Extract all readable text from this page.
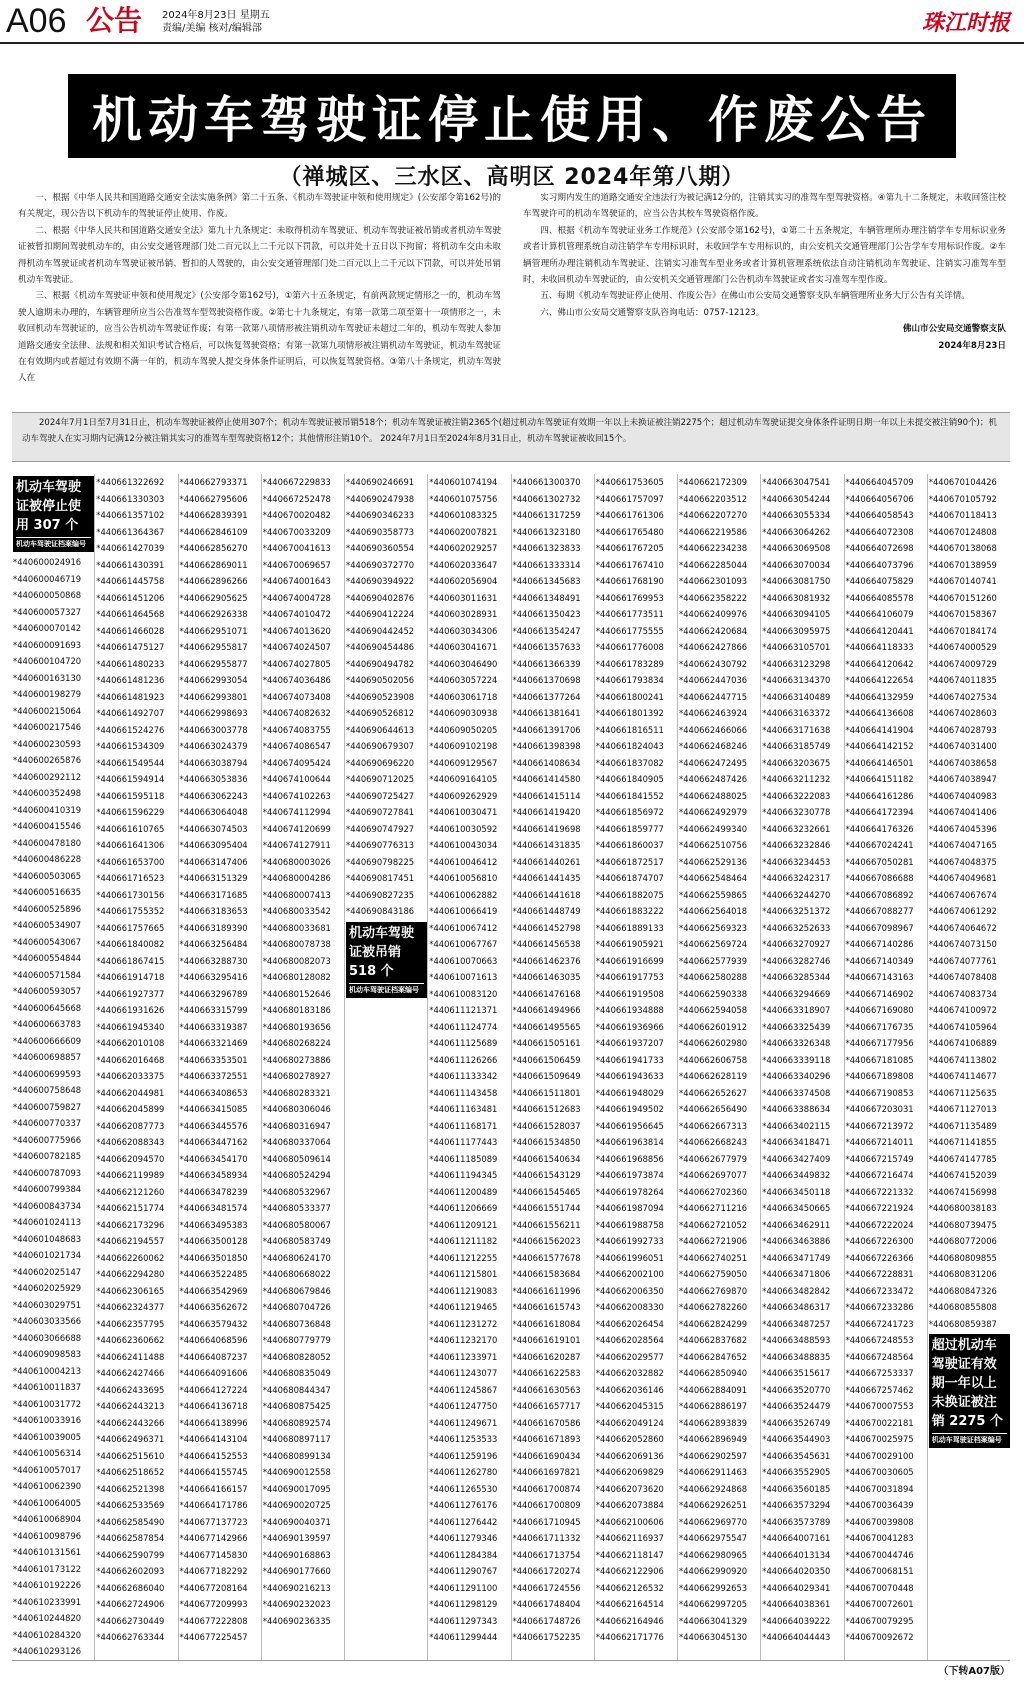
A06 公告 2024年8月23日 星期五
责编/美编 核对/编辑部	珠江时报
机动车驾驶证停止使用、作废公告
（禅城区、三水区、高明区 2024年第八期）

一、根据《中华人民共和国道路交通安全法实施条例》第二十五条、《机动车驾驶证申领和使用规定》(公安部令第162号)的有关规定，现公告以下机动车的驾驶证停止使用、作废。

二、根据《中华人民共和国道路交通安全法》第九十九条规定：未取得机动车驾驶证、机动车驾驶证被吊销或者机动车驾驶证被暂扣期间驾驶机动车的，由公安交通管理部门处二百元以上二千元以下罚款，可以并处十五日以下拘留；将机动车交由未取得机动车驾驶证或者机动车驾驶证被吊销、暂扣的人驾驶的，由公安交通管理部门处二百元以上二千元以下罚款，可以并处吊销机动车驾驶证。

三、根据《机动车驾驶证申领和使用规定》(公安部令第162号)，①第六十五条规定，有前两款规定情形之一的，机动车驾驶人逾期未办理的，车辆管理所应当公告准驾车型驾驶资格作废。②第七十九条规定，有第一款第二项至第十一项情形之一，未收回机动车驾驶证的，应当公告机动车驾驶证作废；有第一款第八项情形被注销机动车驾驶证未超过二年的，机动车驾驶人参加道路交通安全法律、法规和相关知识考试合格后，可以恢复驾驶资格；有第一款第九项情形被注销机动车驾驶证，机动车驾驶证在有效期内或者超过有效期不满一年的，机动车驾驶人提交身体条件证明后，可以恢复驾驶资格。③第八十条规定，机动车驾驶人在

实习期内发生的道路交通安全违法行为被记满12分的，注销其实习的准驾车型驾驶资格。④第九十二条规定，未收回签注校车驾驶许可的机动车驾驶证的，应当公告其校车驾驶资格作废。

四、根据《机动车驾驶证业务工作规范》(公安部令第162号)，①第二十五条规定，车辆管理所办理注销学车专用标识业务或者计算机管理系统自动注销学车专用标识时，未收回学车专用标识的，由公安机关交通管理部门公告学车专用标识作废。②车辆管理所办理注销机动车驾驶证、注销实习准驾车型业务或者计算机管理系统依法自动注销机动车驾驶证、注销实习准驾车型时，未收回机动车驾驶证的，由公安机关交通管理部门公告机动车驾驶证或者实习准驾车型作废。

五、每期《机动车驾驶证停止使用、作废公告》在佛山市公安局交通警察支队车辆管理所业务大厅公告有关详情。

六、佛山市公安局交通警察支队咨询电话：0757-12123。

佛山市公安局交通警察支队
2024年8月23日
2024年7月1日至7月31日止，机动车驾驶证被停止使用307个；机动车驾驶证被吊销518个；机动车驾驶证被注销2365个(超过机动车驾驶证有效期一年以上未换证被注销2275个；超过机动车驾驶证提交身体条件证明日期一年以上未提交被注销90个)；机动车驾驶人在实习期内记满12分被注销其实习的准驾车型驾驶资格12个；其他情形注销10个。 2024年7月1日至2024年8月31日止，机动车驾驶证被收回15个。
机动车驾驶证被停止使用 307 个
机动车驾驶证档案编号
*440600024916
*440600046719
*440600050868
*440600057327
*440600070142
*440600091693
*440600104720
*440600163130
*440600198279
*440600215064
*440600217546
*440600230593
*440600265876
*440600292112
*440600352498
*440600410319
*440600415546
*440600478180
*440600486228
*440600503065
*440600516635
*440600525896
*440600534907
*440600543067
*440600554844
*440600571584
*440600593057
*440600645668
*440600663783
*440600666609
*440600698857
*440600699593
*440600758648
*440600759827
*440600770337
*440600775966
*440600782185
*440600787093
*440600799384
*440600843734
*440601024113
*440601048683
*440601021734
*440602025147
*440602025929
*440603029751
*440603033566
*440603066688
*440609098583
*440610004213
*440610011837
*440610031772
*440610033916
*440610039005
*440610056314
*440610057017
*440610062390
*440610064005
*440610068904
*440610098796
*440610131561
*440610173122
*440610192226
*440610233991
*440610244820
*440610284320
*440610293126
*440661322692
*440661330303
*440661357102
*440661364367
*440661427039
*440661430391
*440661445758
*440661451206
*440661464568
*440661466028
*440661475127
*440661480233
*440661481236
*440661481923
*440661492707
*440661524276
*440661534309
*440661549544
*440661594914
*440661595118
*440661596229
*440661610765
*440661641306
*440661653700
*440661716523
*440661730156
*440661755352
*440661757665
*440661840082
*440661867415
*440661914718
*440661927377
*440661931626
*440661945340
*440662010108
*440662016468
*440662033375
*440662044981
*440662045899
*440662087773
*440662088343
*440662094570
*440662119989
*440662121260
*440662151774
*440662173296
*440662194557
*440662260062
*440662294280
*440662306165
*440662324377
*440662357795
*440662360662
*440662411488
*440662427466
*440662433695
*440662443213
*440662443266
*440662496371
*440662515610
*440662518652
*440662521398
*440662533569
*440662585490
*440662587854
*440662590799
*440662602093
*440662686040
*440662724906
*440662730449
*440662763344
*440662793371
*440662795606
*440662839391
*440662846109
*440662856270
*440662869011
*440662896266
*440662905625
*440662926338
*440662951071
*440662955817
*440662955877
*440662993054
*440662993801
*440662998693
*440663003778
*440663024379
*440663038794
*440663053836
*440663062243
*440663064048
*440663074503
*440663095404
*440663147406
*440663151329
*440663171685
*440663183653
*440663189390
*440663256484
*440663288730
*440663295416
*440663296789
*440663315799
*440663319387
*440663321469
*440663353501
*440663372551
*440663408653
*440663415085
*440663445576
*440663447162
*440663454170
*440663458934
*440663478239
*440663481574
*440663495383
*440663500128
*440663501850
*440663522485
*440663542969
*440663562672
*440663579432
*440664068596
*440664087237
*440664091606
*440664127224
*440664136718
*440664138996
*440664143104
*440664152553
*440664155745
*440664166157
*440664171786
*440677137723
*440677142966
*440677145830
*440677182292
*440677208164
*440677209993
*440677222808
*440677225457
*440667229833
*440667252478
*440670020482
*440670033209
*440670041613
*440670069657
*440674001643
*440674004728
*440674010472
*440674013620
*440674024507
*440674027805
*440674036486
*440674073408
*440674082632
*440674083755
*440674086547
*440674095424
*440674100644
*440674102263
*440674112994
*440674120699
*440674127911
*440680003026
*440680004286
*440680007413
*440680033542
*440680033681
*440680078738
*440680082073
*440680128082
*440680152646
*440680183186
*440680193656
*440680268224
*440680273886
*440680278927
*440680283321
*440680306046
*440680316947
*440680337064
*440680509614
*440680524294
*440680532967
*440680533377
*440680580067
*440680583749
*440680624170
*440680668022
*440680679846
*440680704726
*440680736848
*440680779779
*440680828052
*440680835049
*440680844347
*440680875425
*440680892574
*440680897117
*440680899134
*440690012558
*440690017095
*440690020725
*440690040371
*440690139597
*440690168863
*440690177660
*440690216213
*440690232023
*440690236335
*440690246691
*440690247938
*440690346233
*440690358773
*440690360554
*440690372770
*440690394922
*440690402876
*440690412224
*440690442452
*440690454486
*440690494782
*440690502056
*440690523908
*440690526812
*440690644613
*440690679307
*440690696220
*440690712025
*440690725427
*440690727841
*440690747927
*440690776313
*440690798225
*440690817451
*440690827235
*440690843186
机动车驾驶证被吊销 518 个
机动车驾驶证档案编号
*440601074194
*440601075756
*440601083325
*440602007821
*440602029257
*440602033647
*440602056904
*440603011631
*440603028931
*440603034306
*440603041671
*440603046490
*440603057224
*440603061718
*440609030938
*440609050205
*440609102198
*440609129567
*440609164105
*440609262929
*440610030471
*440610030592
*440610043034
*440610046412
*440610056810
*440610062882
*440610066419
*440610067412
*440610067767
*440610070663
*440610071613
*440610083120
*440611121371
*440611124774
*440611125689
*440611126266
*440611133342
*440611143458
*440611163481
*440611168171
*440611177443
*440611185089
*440611194345
*440611200489
*440611206669
*440611209121
*440611211182
*440611212255
*440611215801
*440611219083
*440611219465
*440611231272
*440611232170
*440611233971
*440611243077
*440611245867
*440611247750
*440611249671
*440611253533
*440611259196
*440611262780
*440611265530
*440611276176
*440611276442
*440611279346
*440611284384
*440611290767
*440611291100
*440611298129
*440611297343
*440611299444
*440661300370
*440661302732
*440661317259
*440661323180
*440661323833
*440661333314
*440661345683
*440661348491
*440661350423
*440661354247
*440661357633
*440661366339
*440661370698
*440661377264
*440661381641
*440661391706
*440661398398
*440661408634
*440661414580
*440661415114
*440661419420
*440661419698
*440661431835
*440661440261
*440661441435
*440661441618
*440661448749
*440661452798
*440661456538
*440661462376
*440661463035
*440661476168
*440661494966
*440661495565
*440661505161
*440661506459
*440661509649
*440661511801
*440661512683
*440661528037
*440661534850
*440661540634
*440661543129
*440661545465
*440661551744
*440661556211
*440661562023
*440661577678
*440661583684
*440661611996
*440661615743
*440661618084
*440661619101
*440661620287
*440661622583
*440661630563
*440661657717
*440661670586
*440661671893
*440661690434
*440661697821
*440661700874
*440661700809
*440661710945
*440661711332
*440661713754
*440661720274
*440661724556
*440661748404
*440661748726
*440661752235
*440661753605
*440661757097
*440661761306
*440661765480
*440661767205
*440661767410
*440661768190
*440661769953
*440661773511
*440661775555
*440661776008
*440661783289
*440661793834
*440661800241
*440661801392
*440661816511
*440661824043
*440661837082
*440661840905
*440661841552
*440661856972
*440661859777
*440661860037
*440661872517
*440661874707
*440661882075
*440661883222
*440661889133
*440661905921
*440661916699
*440661917753
*440661919508
*440661934888
*440661936966
*440661937207
*440661941733
*440661943633
*440661948029
*440661949502
*440661956645
*440661963814
*440661968856
*440661973874
*440661978264
*440661987094
*440661988758
*440661992733
*440661996051
*440662002100
*440662006350
*440662008330
*440662026454
*440662028564
*440662029577
*440662032882
*440662036146
*440662045315
*440662049124
*440662052860
*440662069136
*440662069829
*440662073620
*440662073884
*440662100606
*440662116937
*440662118147
*440662122906
*440662126532
*440662164514
*440662164946
*440662171776
*440662172309
*440662203512
*440662207270
*440662219586
*440662234238
*440662285044
*440662301093
*440662358222
*440662409976
*440662420684
*440662427866
*440662430792
*440662447036
*440662447715
*440662463924
*440662466066
*440662468246
*440662472495
*440662487426
*440662488025
*440662492979
*440662499340
*440662510756
*440662529136
*440662548464
*440662559865
*440662564018
*440662569323
*440662569724
*440662577939
*440662580288
*440662590338
*440662594058
*440662601912
*440662602980
*440662606758
*440662628119
*440662652627
*440662656490
*440662667313
*440662668243
*440662677979
*440662697077
*440662702360
*440662711216
*440662721052
*440662721906
*440662740251
*440662759050
*440662769870
*440662782260
*440662824299
*440662837682
*440662847652
*440662850940
*440662884091
*440662886197
*440662893839
*440662896949
*440662902597
*440662911463
*440662924868
*440662926251
*440662969770
*440662975547
*440662980965
*440662990920
*440662992653
*440662997205
*440663041329
*440663045130
*440663047541
*440663054244
*440663055334
*440663064262
*440663069508
*440663070034
*440663081750
*440663081932
*440663094105
*440663095975
*440663105701
*440663123298
*440663134370
*440663140489
*440663163372
*440663171638
*440663185749
*440663203675
*440663211232
*440663222083
*440663230778
*440663232661
*440663232846
*440663234453
*440663242317
*440663244270
*440663251372
*440663252633
*440663270927
*440663282746
*440663285344
*440663294669
*440663318907
*440663325439
*440663326348
*440663339118
*440663340296
*440663374508
*440663388634
*440663402115
*440663418471
*440663427409
*440663449832
*440663450118
*440663450665
*440663462911
*440663463886
*440663471749
*440663471806
*440663482842
*440663486317
*440663487257
*440663488593
*440663488835
*440663515617
*440663520770
*440663524479
*440663526749
*440663544903
*440663545631
*440663552905
*440663560185
*440663573294
*440663573789
*440664007161
*440664013134
*440664020350
*440664029341
*440664038361
*440664039222
*440664044443
*440664045709
*440664056706
*440664058543
*440664072308
*440664072698
*440664073796
*440664075829
*440664085578
*440664106079
*440664120441
*440664118333
*440664120642
*440664122654
*440664132959
*440664136608
*440664141904
*440664142152
*440664146501
*440664151182
*440664161286
*440664172394
*440664176326
*440667024241
*440667050281
*440667086688
*440667086892
*440667088277
*440667098967
*440667140286
*440667140349
*440667143163
*440667146902
*440667169080
*440667176735
*440667177956
*440667181085
*440667189808
*440667190853
*440667203031
*440667213972
*440667214011
*440667215749
*440667216474
*440667221332
*440667221924
*440667222024
*440667226300
*440667226366
*440667228831
*440667233472
*440667233286
*440667241723
*440667248553
*440667248564
*440667253337
*440667257462
*440670007553
*440670022181
*440670025975
*440670029100
*440670030605
*440670031894
*440670036439
*440670039808
*440670041283
*440670044746
*440670068151
*440670070448
*440670072601
*440670079295
*440670092672
*440670104426
*440670105792
*440670118413
*440670124808
*440670138068
*440670138959
*440670140741
*440670151260
*440670158367
*440670184174
*440674000529
*440674009729
*440674011835
*440674027534
*440674028603
*440674028793
*440674031400
*440674038658
*440674038947
*440674040983
*440674041406
*440674045396
*440674047165
*440674048375
*440674049681
*440674067674
*440674061292
*440674064672
*440674073150
*440674077761
*440674078408
*440674083734
*440674100972
*440674105964
*440674106889
*440674113802
*440674114677
*440671125635
*440671127013
*440671135489
*440671141855
*440674147785
*440674152039
*440674156998
*440680038183
*440680739475
*440680772006
*440680809855
*440680831206
*440680847326
*440680855808
*440680859387
超过机动车驾驶证有效期一年以上未换证被注销 2275 个
机动车驾驶证档案编号
（下转A07版）
